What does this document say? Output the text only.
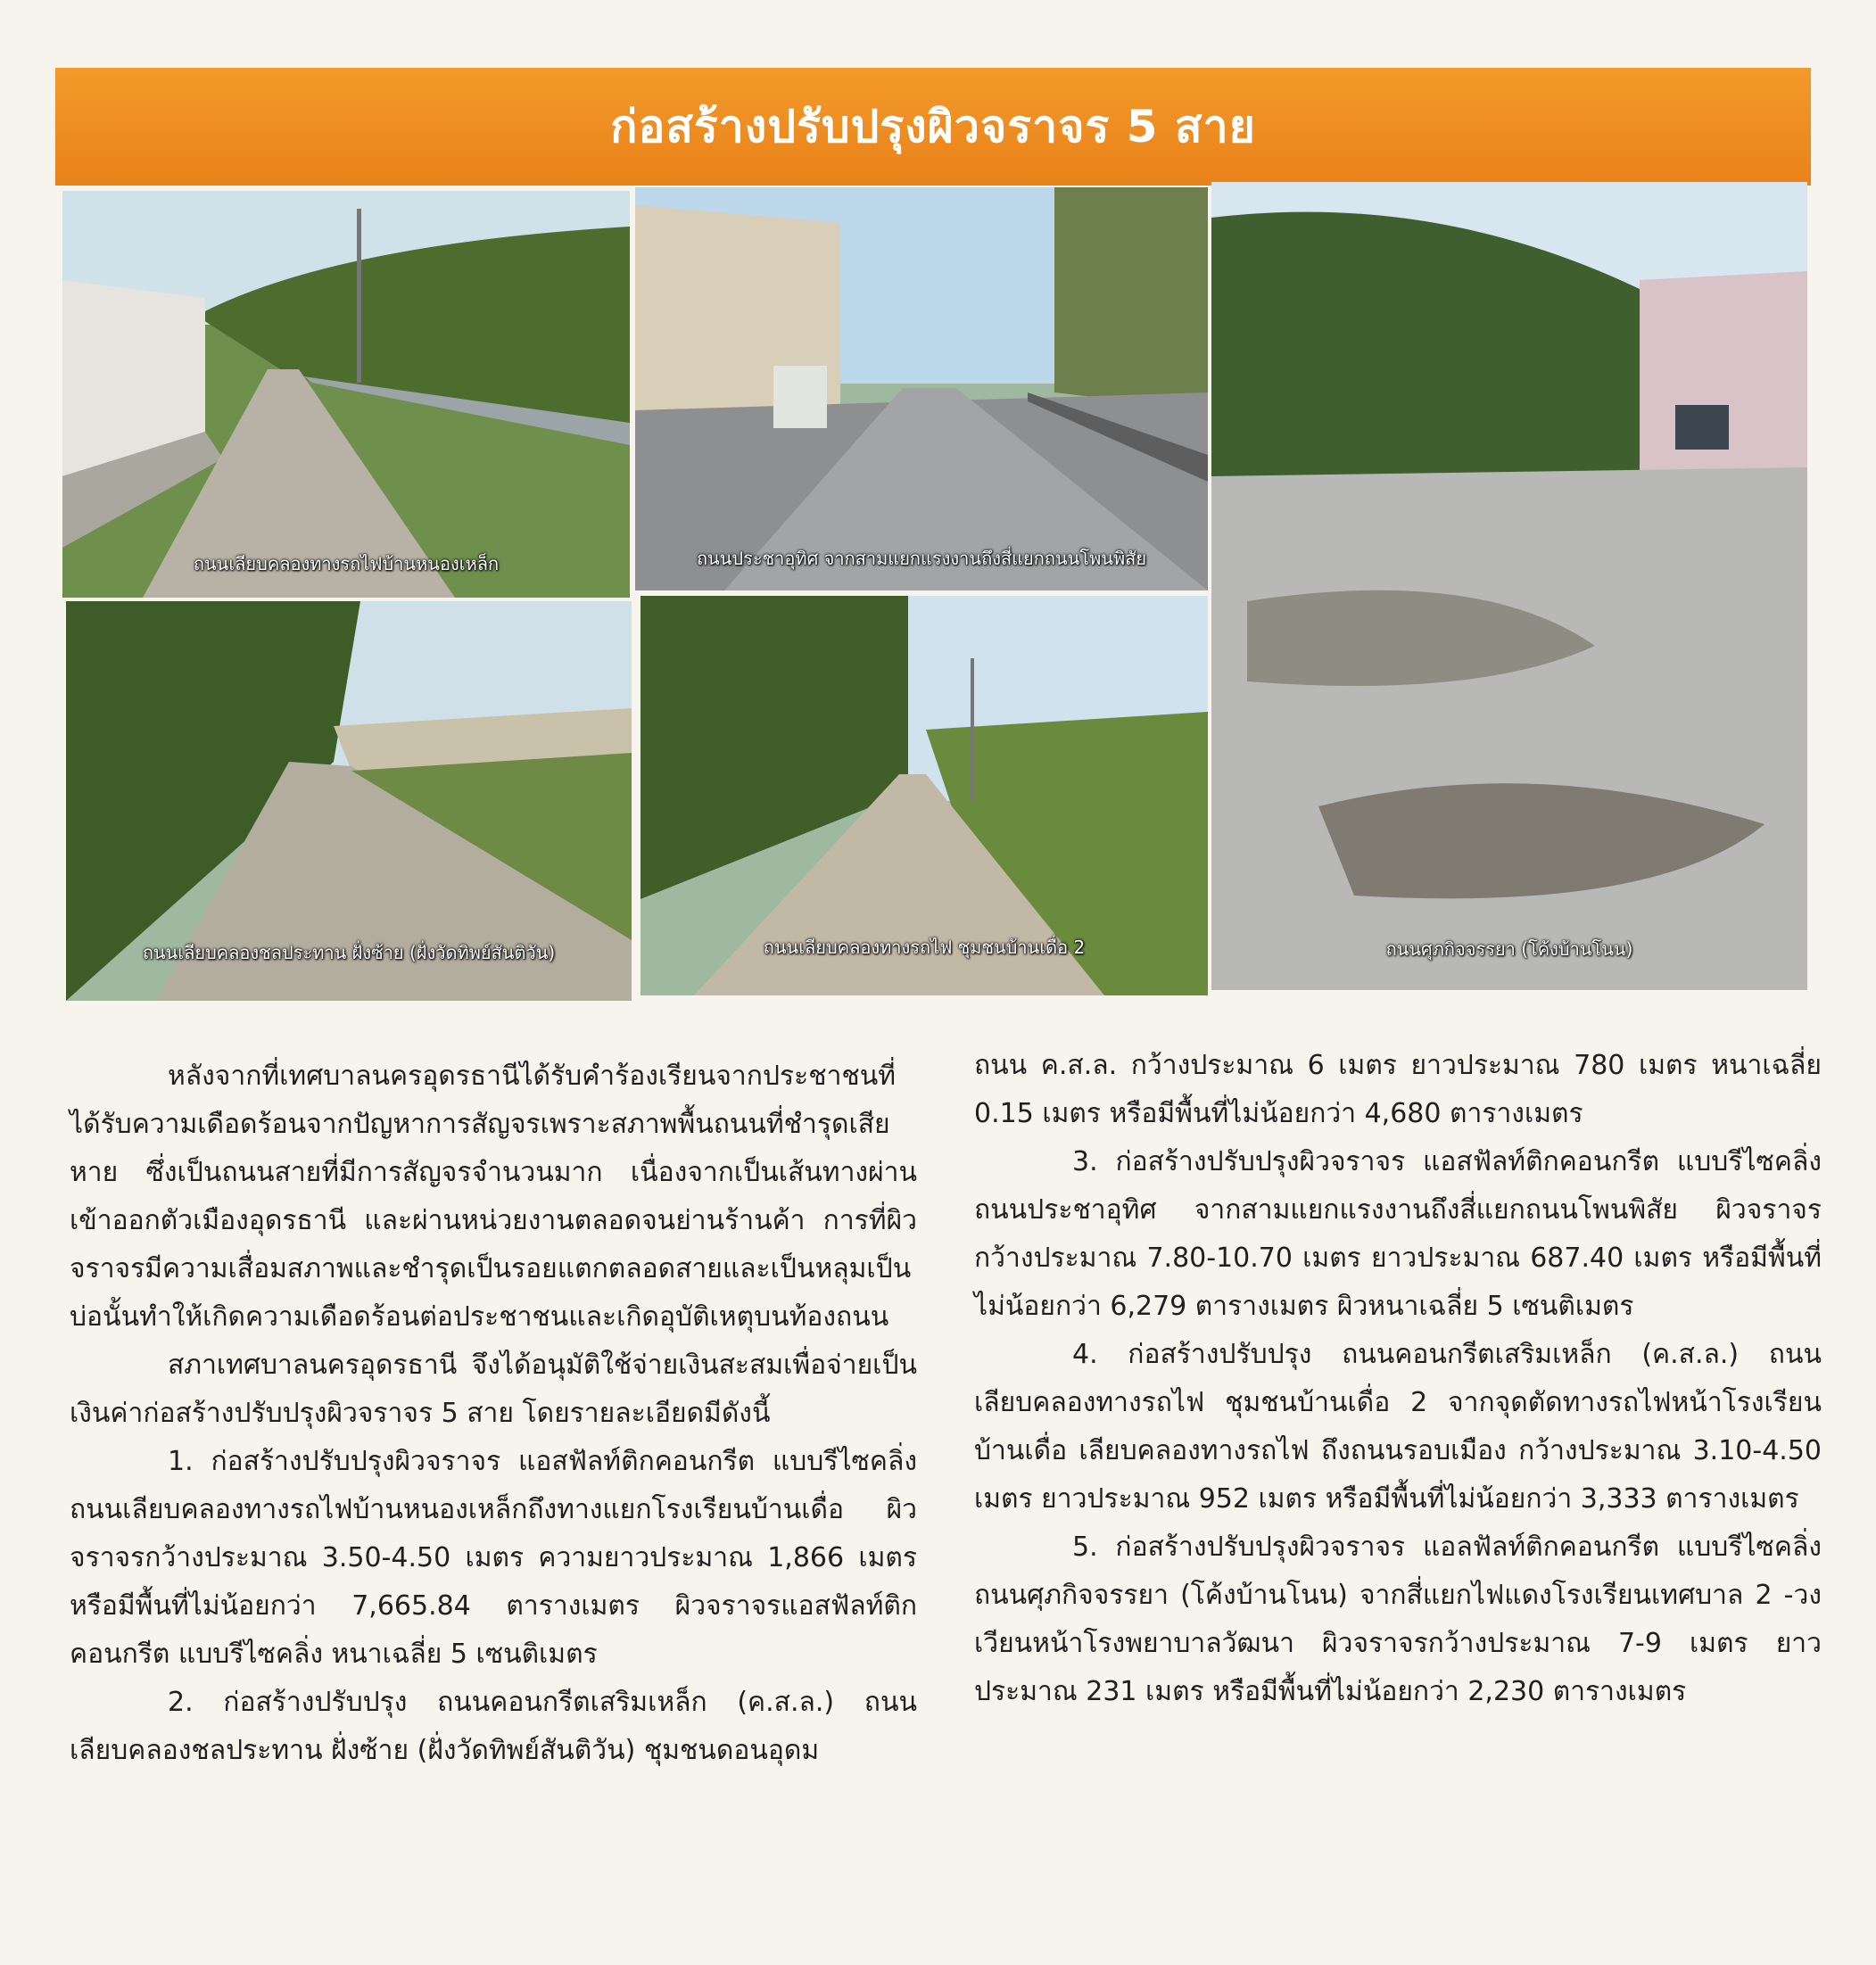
ก่อสร้างปรับปรุงผิวจราจร 5 สาย
ถนนเลียบคลองทางรถไฟบ้านหนองเหล็ก	ถนนประชาอุทิศ จากสามแยกแรงงานถึงสี่แยกถนนโพนพิสัย
ถนนศุภกิจจรรยา (โค้งบ้านโนน)
ถนนเลียบคลองชลประทาน ฝั่งซ้าย (ฝั่งวัดทิพย์สันติวัน)	ถนนเลียบคลองทางรถไฟ ชุมชนบ้านเดื่อ 2

หลังจากที่เทศบาลนครอุดรธานีได้รับคำร้องเรียนจากประชาชนที่ได้รับความเดือดร้อนจากปัญหาการสัญจรเพราะสภาพพื้นถนนที่ชำรุดเสียหาย ซึ่งเป็นถนนสายที่มีการสัญจรจำนวนมาก เนื่องจากเป็นเส้นทางผ่านเข้าออกตัวเมืองอุดรธานี และผ่านหน่วยงานตลอดจนย่านร้านค้า การที่ผิวจราจรมีความเสื่อมสภาพและชำรุดเป็นรอยแตกตลอดสายและเป็นหลุมเป็นบ่อนั้นทำให้เกิดความเดือดร้อนต่อประชาชนและเกิดอุบัติเหตุบนท้องถนน

สภาเทศบาลนครอุดรธานี จึงได้อนุมัติใช้จ่ายเงินสะสมเพื่อจ่ายเป็นเงินค่าก่อสร้างปรับปรุงผิวจราจร 5 สาย โดยรายละเอียดมีดังนี้

1. ก่อสร้างปรับปรุงผิวจราจร แอสฟัลท์ติกคอนกรีต แบบรีไซคลิ่ง ถนนเลียบคลองทางรถไฟบ้านหนองเหล็กถึงทางแยกโรงเรียนบ้านเดื่อ ผิวจราจรกว้างประมาณ 3.50-4.50 เมตร ความยาวประมาณ 1,866 เมตร หรือมีพื้นที่ไม่น้อยกว่า 7,665.84 ตารางเมตร ผิวจราจรแอสฟัลท์ติกคอนกรีต แบบรีไซคลิ่ง หนาเฉลี่ย 5 เซนติเมตร

2. ก่อสร้างปรับปรุง ถนนคอนกรีตเสริมเหล็ก (ค.ส.ล.) ถนนเลียบคลองชลประทาน ฝั่งซ้าย (ฝั่งวัดทิพย์สันติวัน) ชุมชนดอนอุดม

ถนน ค.ส.ล. กว้างประมาณ 6 เมตร ยาวประมาณ 780 เมตร หนาเฉลี่ย 0.15 เมตร หรือมีพื้นที่ไม่น้อยกว่า 4,680 ตารางเมตร

3. ก่อสร้างปรับปรุงผิวจราจร แอสฟัลท์ติกคอนกรีต แบบรีไซคลิ่ง ถนนประชาอุทิศ จากสามแยกแรงงานถึงสี่แยกถนนโพนพิสัย ผิวจราจรกว้างประมาณ 7.80-10.70 เมตร ยาวประมาณ 687.40 เมตร หรือมีพื้นที่ไม่น้อยกว่า 6,279 ตารางเมตร ผิวหนาเฉลี่ย 5 เซนติเมตร

4. ก่อสร้างปรับปรุง ถนนคอนกรีตเสริมเหล็ก (ค.ส.ล.) ถนนเลียบคลองทางรถไฟ ชุมชนบ้านเดื่อ 2 จากจุดตัดทางรถไฟหน้าโรงเรียนบ้านเดื่อ เลียบคลองทางรถไฟ ถึงถนนรอบเมือง กว้างประมาณ 3.10-4.50 เมตร ยาวประมาณ 952 เมตร หรือมีพื้นที่ไม่น้อยกว่า 3,333 ตารางเมตร

5. ก่อสร้างปรับปรุงผิวจราจร แอลฟัลท์ติกคอนกรีต แบบรีไซคลิ่ง ถนนศุภกิจจรรยา (โค้งบ้านโนน) จากสี่แยกไฟแดงโรงเรียนเทศบาล 2 -วงเวียนหน้าโรงพยาบาลวัฒนา ผิวจราจรกว้างประมาณ 7-9 เมตร ยาวประมาณ 231 เมตร หรือมีพื้นที่ไม่น้อยกว่า 2,230 ตารางเมตร
